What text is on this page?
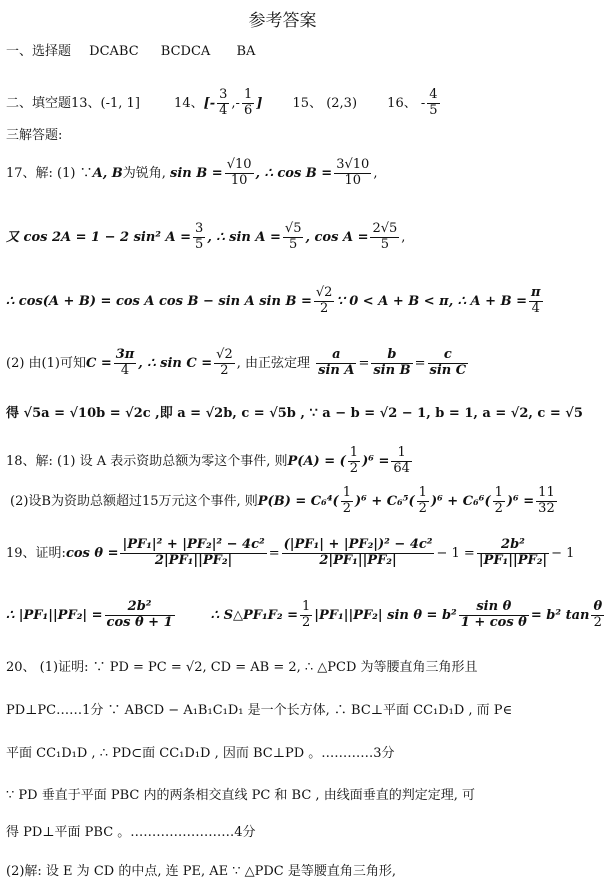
参考答案
一、选择题 DCABC BCDCA BA
二、填空题13、(-1, 1]	14、[- $\frac{3}{4}$ ,- $\frac{1}{6}$ ] 15、 (2,3) 16、 - $\frac{4}{5}$
三解答题:
17、解: (1) ∵A, B为锐角, $\sin B = \frac{√10}{10}$ , ∴ $\cos B = \frac{3√10}{10}$ ,
又 cos 2A = 1 − 2 sin² $A = \frac{3}{5}$ , ∴ $\sin A = \frac{√5}{5}$ , $\cos A = \frac{2√5}{5}$ ,
∴ cos(A + B) = cos A cos B − sin A $\sin B = \frac{√2}{2}$ ∵ 0 < A + B < π, ∴ $A + B = \frac{\pi}{4}$
(2) 由(1)可知$C = \frac{3\pi}{4}$ , ∴ $\sin C = \frac{√2}{2}$ , 由正弦定理 $\frac{a}{\text{sin A}} = \frac{b}{\text{sin B}} = \frac{c}{\text{sin C}}$
得 √5a = √10b = √2c ,即 a = √2b, c = √5b , ∵ a − b = √2 − 1, b = 1, a = √2, c = √5
18、解: (1) 设 A 表示资助总额为零这个事件, 则P(A) = ( $\frac{1}{2} )^6 = \frac{1}{64}$
(2)设B为资助总额超过15万元这个事件, 则$P(B) = C_6^4( \frac{1}{2} )^6 + C_6^5( \frac{1}{2} )^6 + C_6^6( \frac{1}{2} )^6 = \frac{11}{32}$
19、证明:cos $\theta = \frac{\text{|PF₁|² + |PF₂|² − 4c²}}{\text{2|PF₁||PF₂|}} = \frac{\text{(|PF₁| + |PF₂|)² − 4c²}}{\text{2|PF₁||PF₂|}} - 1 = \frac{\text{2b²}}{\text{|PF₁||PF₂|}} - 1$
∴ $|PF_1||PF_2| = \frac{\text{2b²}}{\text{cos θ + 1}}$	∴ S△PF₁F₂ = $\frac{1}{2} |PF_1||PF_2|$ $\sin \theta = b^2 \frac{\text{sin θ}}{\text{1 + cos θ}} = b^2$ $\tan \frac{\theta}{2}$
20、 (1)证明: ∵ PD = PC = √2, CD = AB = 2, ∴ △PCD 为等腰直角三角形且
PD⊥PC……1分 ∵ ABCD − A₁B₁C₁D₁ 是一个长方体, ∴ BC⊥平面 CC₁D₁D , 而 P∈
平面 CC₁D₁D , ∴ PD⊂面 CC₁D₁D , 因而 BC⊥PD 。…………3分
∵ PD 垂直于平面 PBC 内的两条相交直线 PC 和 BC , 由线面垂直的判定定理, 可
得 PD⊥平面 PBC 。……………………4分
(2)解: 设 E 为 CD 的中点, 连 PE, AE ∵ △PDC 是等腰直角三角形,
